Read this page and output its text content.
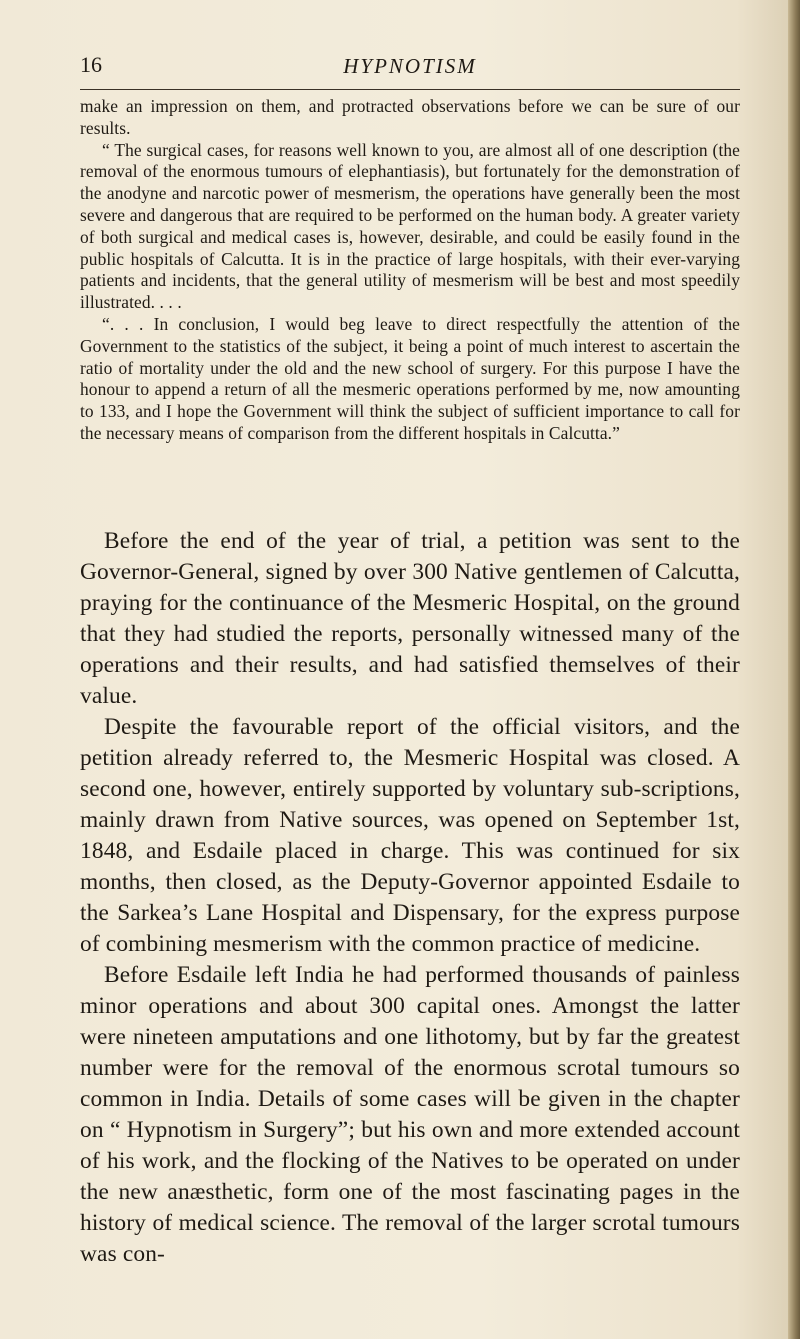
16	HYPNOTISM

make an impression on them, and protracted observations before we can be sure of our results.

“ The surgical cases, for reasons well known to you, are almost all of one description (the removal of the enormous tumours of elephantiasis), but fortunately for the demonstration of the anodyne and narcotic power of mesmerism, the operations have generally been the most severe and dangerous that are required to be performed on the human body. A greater variety of both surgical and medical cases is, however, desirable, and could be easily found in the public hospitals of Calcutta. It is in the practice of large hospitals, with their ever-varying patients and incidents, that the general utility of mesmerism will be best and most speedily illustrated. . . .

“. . . In conclusion, I would beg leave to direct respectfully the attention of the Government to the statistics of the subject, it being a point of much interest to ascertain the ratio of mortality under the old and the new school of surgery. For this purpose I have the honour to append a return of all the mesmeric operations performed by me, now amounting to 133, and I hope the Government will think the subject of sufficient importance to call for the necessary means of comparison from the different hospitals in Calcutta.”

Before the end of the year of trial, a petition was sent to the Governor-General, signed by over 300 Native gentlemen of Calcutta, praying for the continuance of the Mesmeric Hospital, on the ground that they had studied the reports, personally witnessed many of the operations and their results, and had satisfied themselves of their value.

Despite the favourable report of the official visitors, and the petition already referred to, the Mesmeric Hospital was closed. A second one, however, entirely supported by voluntary sub-scriptions, mainly drawn from Native sources, was opened on September 1st, 1848, and Esdaile placed in charge. This was continued for six months, then closed, as the Deputy-Governor appointed Esdaile to the Sarkea’s Lane Hospital and Dispensary, for the express purpose of combining mesmerism with the common practice of medicine.

Before Esdaile left India he had performed thousands of painless minor operations and about 300 capital ones. Amongst the latter were nineteen amputations and one lithotomy, but by far the greatest number were for the removal of the enormous scrotal tumours so common in India. Details of some cases will be given in the chapter on “ Hypnotism in Surgery”; but his own and more extended account of his work, and the flocking of the Natives to be operated on under the new anæsthetic, form one of the most fascinating pages in the history of medical science. The removal of the larger scrotal tumours was con-
